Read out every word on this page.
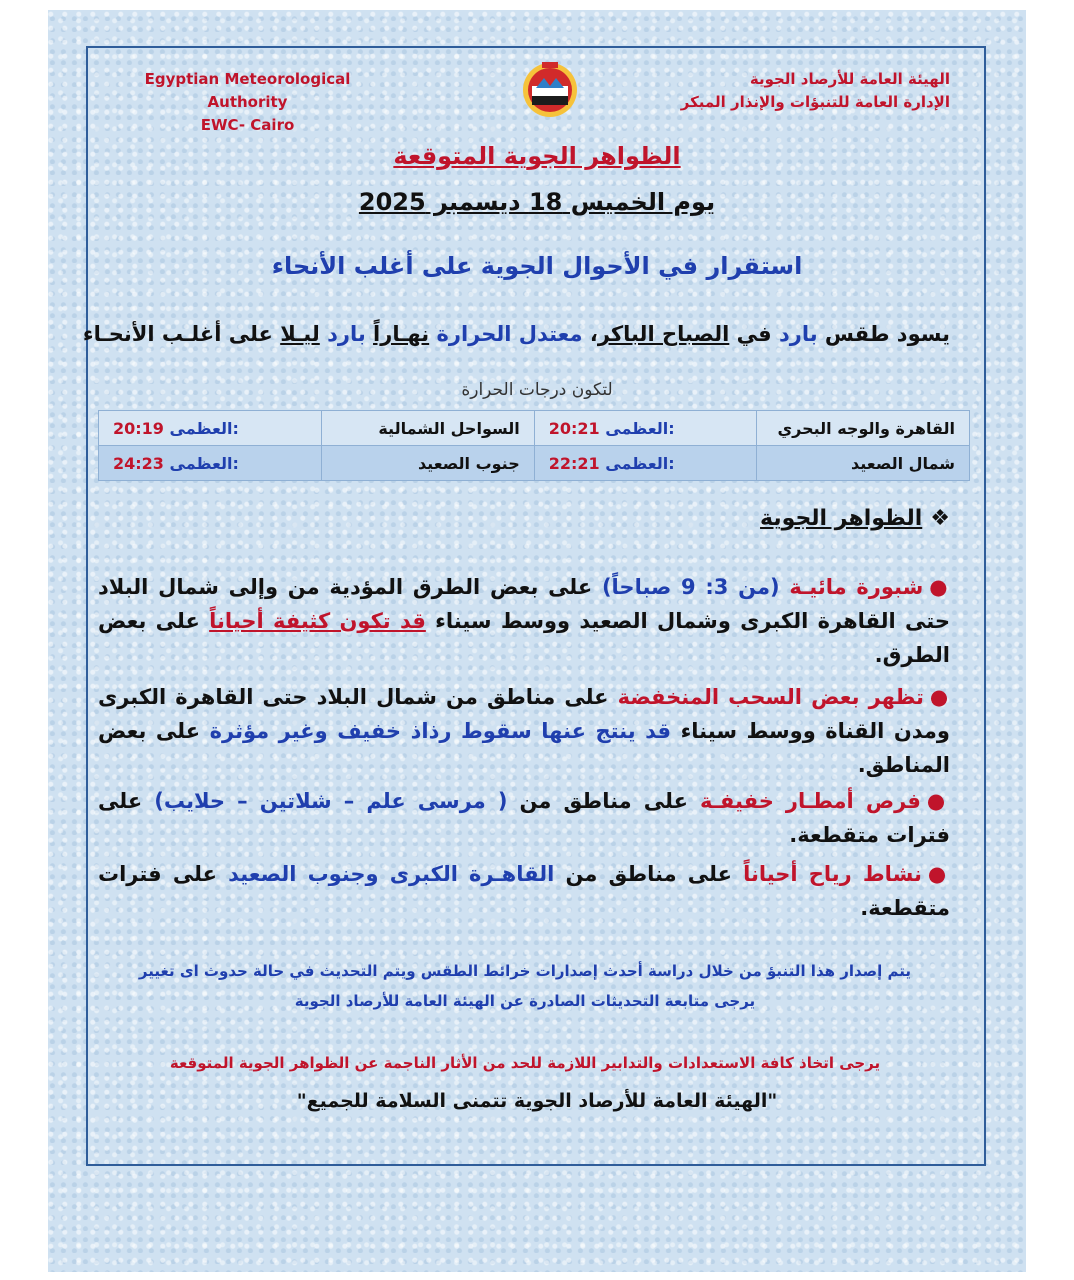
Egyptian Meteorological Authority
EWC- Cairo
الهيئة العامة للأرصاد الجوية
الإدارة العامة للتنبؤات والإنذار المبكر
الظواهر الجوية المتوقعة
يوم الخميس 18 ديسمبر 2025
استقرار في الأحوال الجوية على أغلب الأنحاء
يسود طقس بارد في الصباح الباكر، معتدل الحرارة نهـاراً بارد ليـلا على أغلـب الأنحـاء
لتكون درجات الحرارة
القاهرة والوجه البحري	20:21 العظمى:	السواحل الشمالية	20:19 العظمى:
شمال الصعيد	22:21 العظمى:	جنوب الصعيد	24:23 العظمى:
❖الظواهر الجوية
●شبورة مائيـة (من 3: 9 صباحاً) على بعض الطرق المؤدية من وإلى شمال البلاد حتى القاهرة الكبرى وشمال الصعيد ووسط سيناء قد تكون كثيفة أحياناً على بعض الطرق.
●تظهر بعض السحب المنخفضة على مناطق من شمال البلاد حتى القاهرة الكبرى ومدن القناة ووسط سيناء قد ينتج عنها سقوط رذاذ خفيف وغير مؤثرة على بعض المناطق.
●فرص أمطـار خفيفـة على مناطق من ( مرسى علم – شلاتين – حلايب) على فترات متقطعة.
●نشاط رياح أحياناً على مناطق من القاهـرة الكبرى وجنوب الصعيد على فترات متقطعة.
يتم إصدار هذا التنبؤ من خلال دراسة أحدث إصدارات خرائط الطقس ويتم التحديث في حالة حدوث اى تغيير
يرجى متابعة التحديثات الصادرة عن الهيئة العامة للأرصاد الجوية
يرجى اتخاذ كافة الاستعدادات والتدابير اللازمة للحد من الأثار الناجمة عن الظواهر الجوية المتوقعة
"الهيئة العامة للأرصاد الجوية تتمنى السلامة للجميع"
